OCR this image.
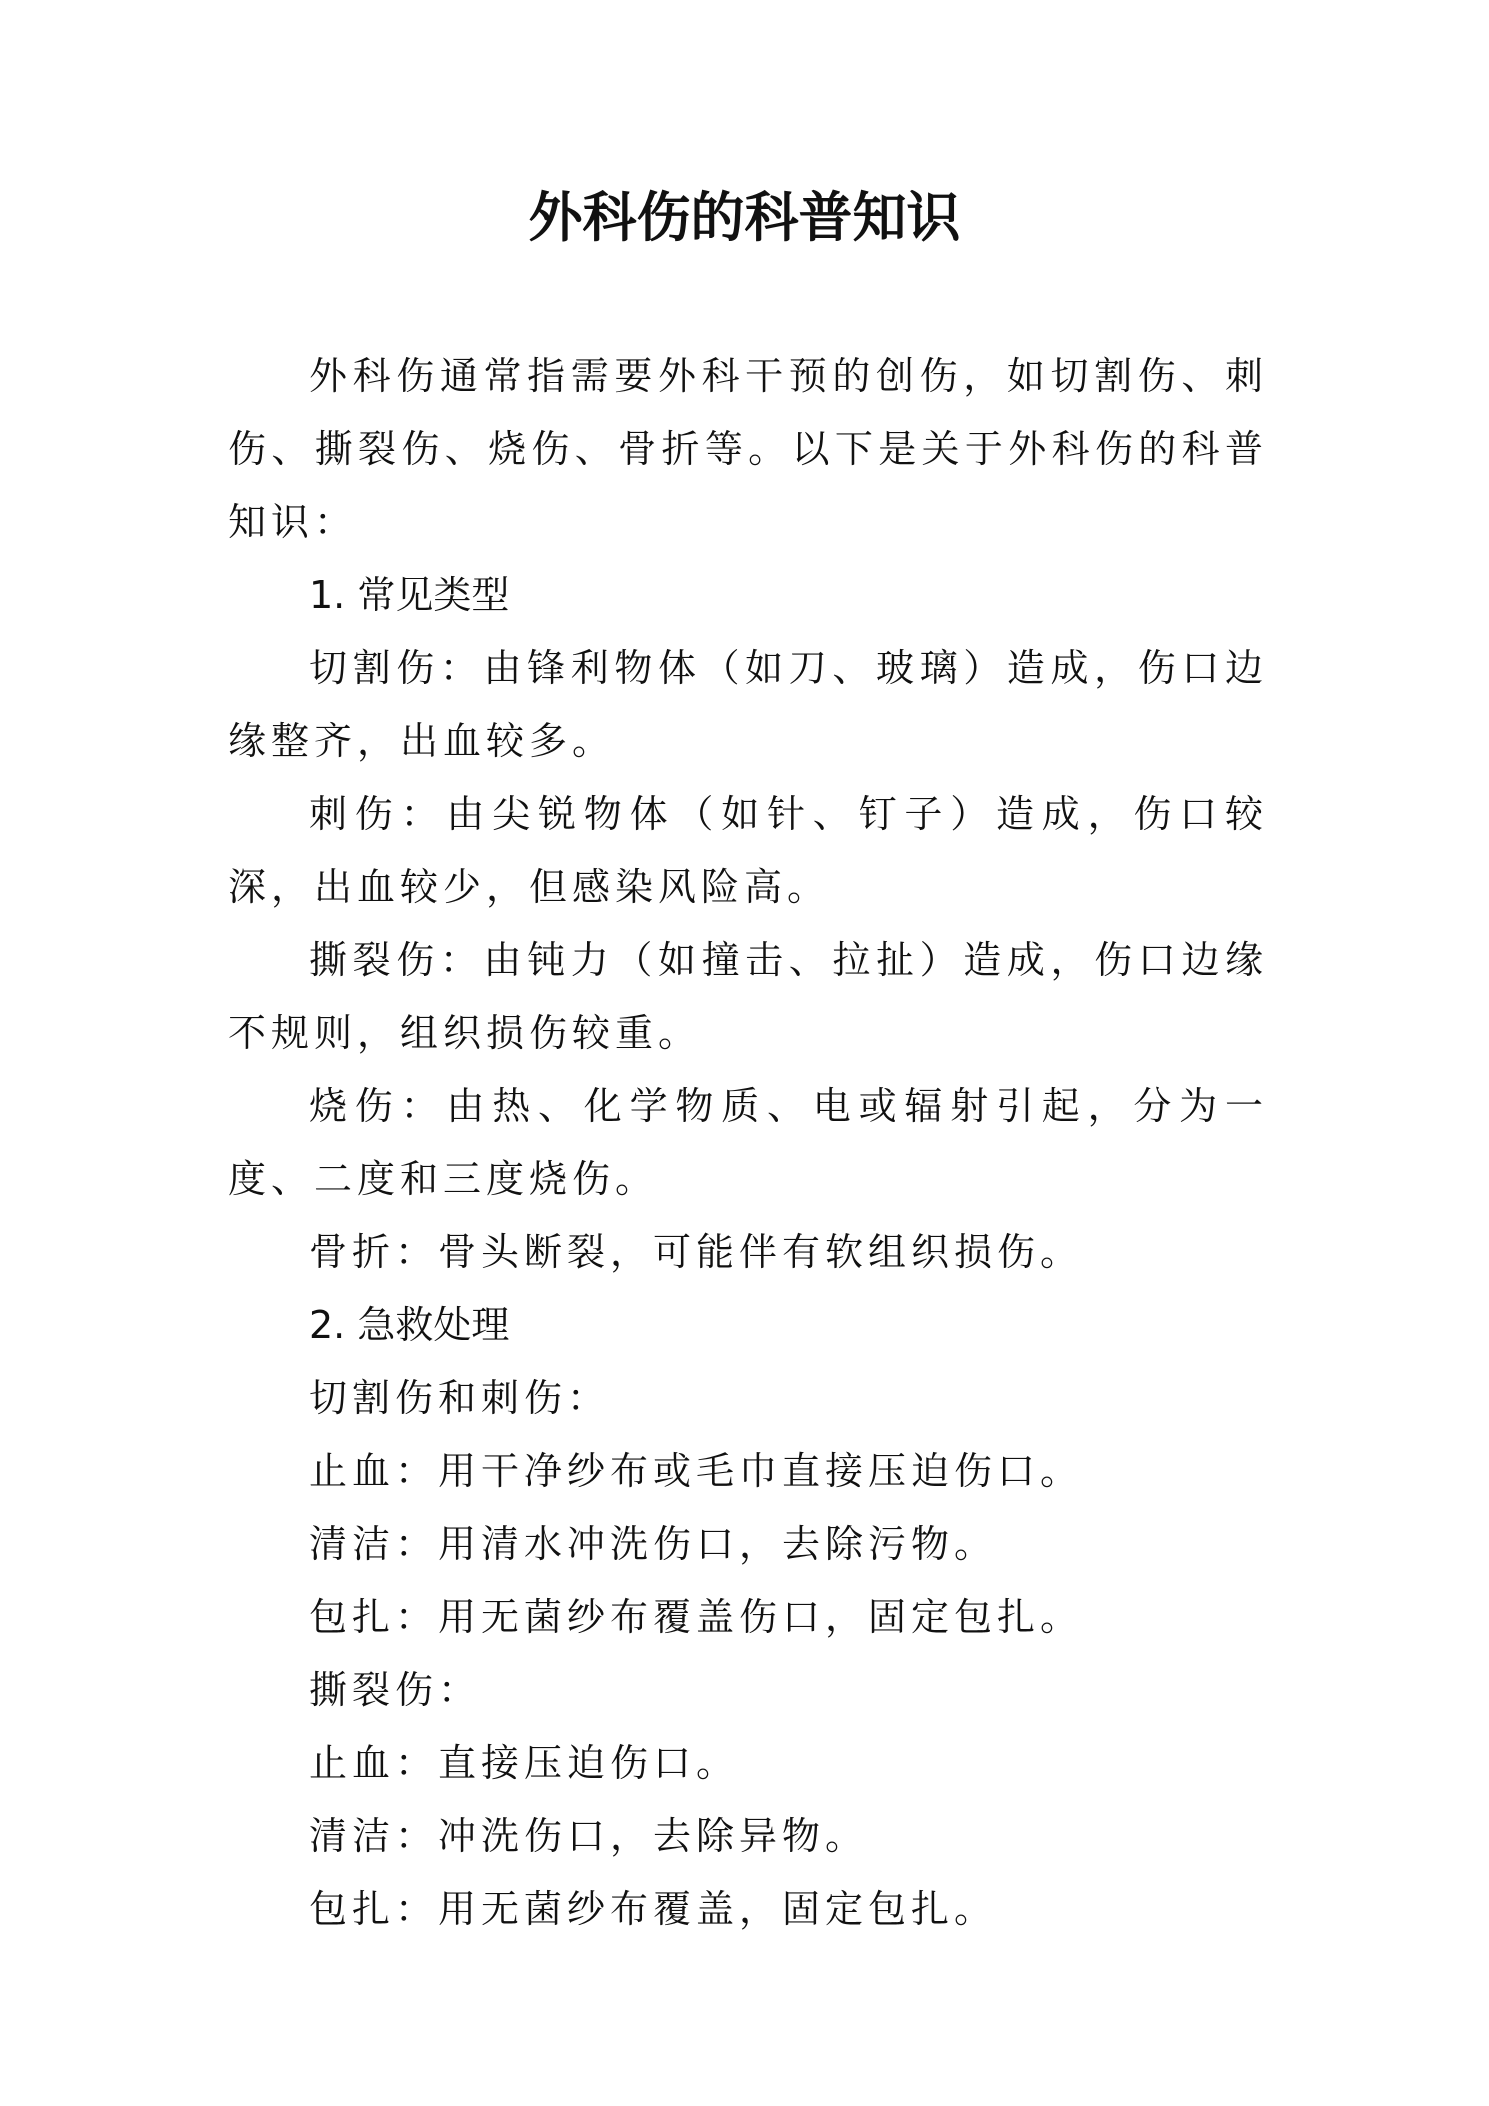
外科伤的科普知识

外科伤通常指需要外科干预的创伤，如切割伤、刺伤、撕裂伤、烧伤、骨折等。以下是关于外科伤的科普知识：

1. 常见类型

切割伤：由锋利物体（如刀、玻璃）造成，伤口边缘整齐，出血较多。

刺伤：由尖锐物体（如针、钉子）造成，伤口较深，出血较少，但感染风险高。

撕裂伤：由钝力（如撞击、拉扯）造成，伤口边缘不规则，组织损伤较重。

烧伤：由热、化学物质、电或辐射引起，分为一度、二度和三度烧伤。

骨折：骨头断裂，可能伴有软组织损伤。

2. 急救处理

切割伤和刺伤：

止血：用干净纱布或毛巾直接压迫伤口。

清洁：用清水冲洗伤口，去除污物。

包扎：用无菌纱布覆盖伤口，固定包扎。

撕裂伤：

止血：直接压迫伤口。

清洁：冲洗伤口，去除异物。

包扎：用无菌纱布覆盖，固定包扎。
